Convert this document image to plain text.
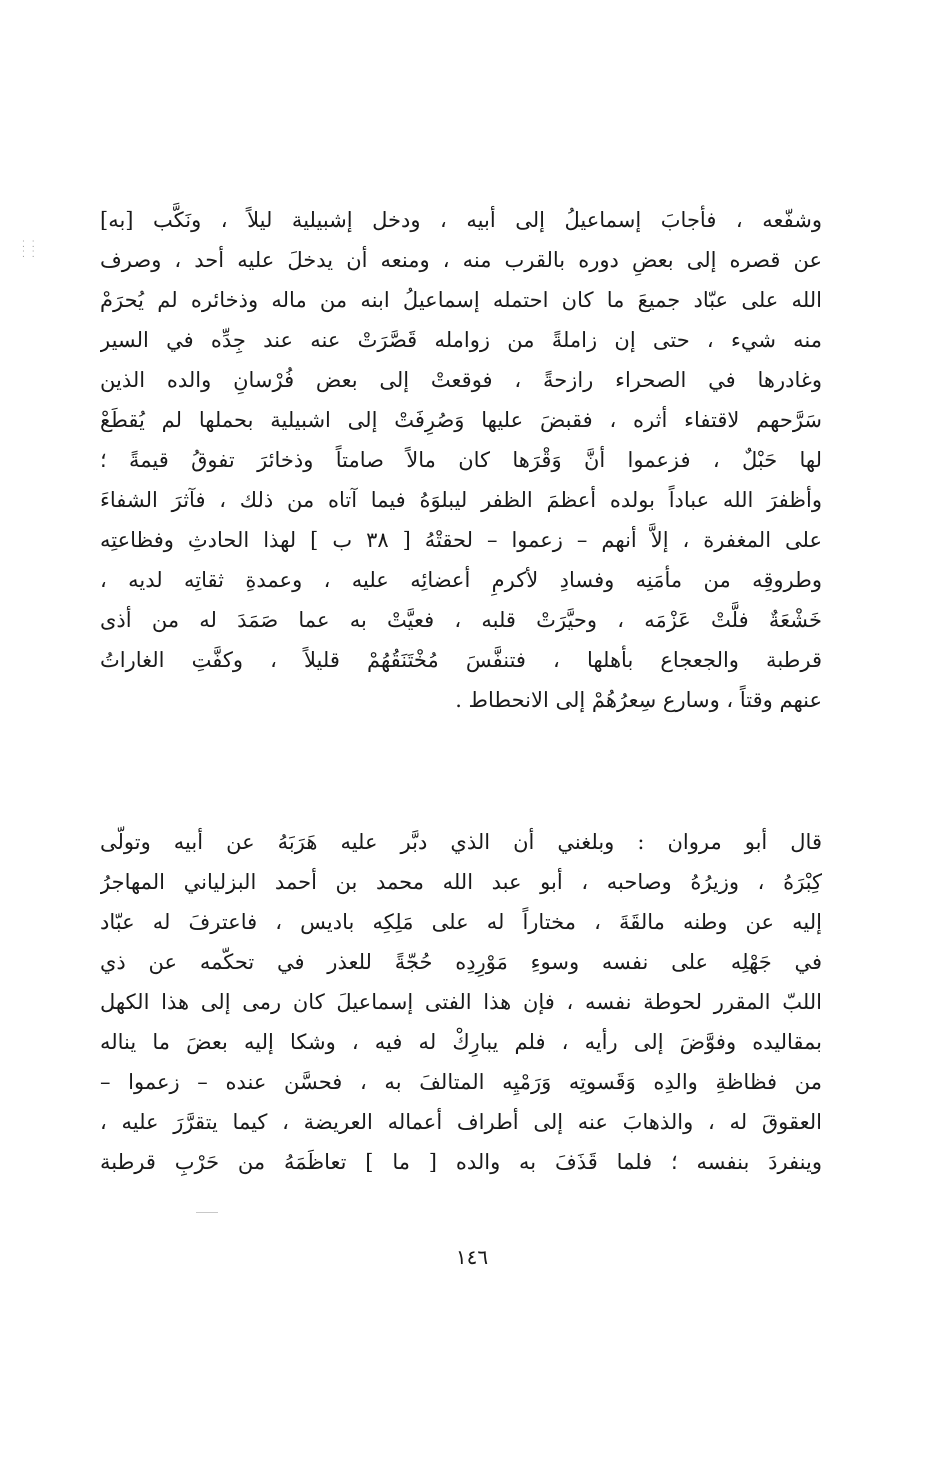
⁚ ⁚
⁚ ⁚
وشفّعه ، فأجابَ إسماعيلُ إلى أبيه ، ودخل إشبيلية ليلاً ، ونَكَّب [به]
عن قصره إلى بعضِ دوره بالقرب منه ، ومنعه أن يدخلَ عليه أحد ، وصرف
الله على عبّاد جميعَ ما كان احتمله إسماعيلُ ابنه من ماله وذخائره لم يُحرَمْ
منه شيء ، حتى إن زاملةً من زوامله قَصَّرَتْ عنه عند جِدِّه في السير
وغادرها في الصحراء رازحةً ، فوقعتْ إلى بعض فُرْسانِ والده الذين
سَرَّحهم لاقتفاء أثره ، فقبضَ عليها وَصُرِفَتْ إلى اشبيلية بحملها لم يُقطَعْ
لها حَبْلٌ ، فزعموا أنَّ وَقْرَها كان مالاً صامتاً وذخائرَ تفوقُ قيمةً ؛
وأظفرَ الله عباداً بولده أعظمَ الظفر ليبلوَهُ فيما آتاه من ذلك ، فآثرَ الشفاءَ
على المغفرة ، إلاَّ أنهم – زعموا – لحقتْهُ [ ٣٨ ب ] لهذا الحادثِ وفظاعتِه
وطروقِه من مأمَنِه وفسادِ لأكرمِ أعضائِه عليه ، وعمدةِ ثقاتِه لديه ،
خَشْعَةٌ فلَّتْ عَزْمَه ، وحيَّرَتْ قلبه ، فعيَّتْ به عما صَمَدَ له من أذى
قرطبة والجعجاع بأهلها ، فتنفَّسَ مُخْتَنَقُهُمْ قليلاً ، وكفَّتِ الغاراتُ
عنهم وقتاً ، وسارع سِعرُهُمْ إلى الانحطاط .
قال أبو مروان : وبلغني أن الذي دبَّر عليه هَرَبَهُ عن أبيه وتولّى
كِبْرَهُ ، وزيرُهُ وصاحبه ، أبو عبد الله محمد بن أحمد البزلياني المهاجرُ
إليه عن وطنه مالقَةَ ، مختاراً له على مَلِكِه باديس ، فاعترفَ له عبّاد
في جَهْلِه على نفسه وسوءِ مَوْرِدِه حُجّةً للعذر في تحكّمه عن ذي
اللبّ المقرر لحوطة نفسه ، فإن هذا الفتى إسماعيلَ كان رمى إلى هذا الكهل
بمقاليده وفوَّضَ إلى رأيه ، فلم يبارِكْ له فيه ، وشكا إليه بعضَ ما يناله
من فظاظةِ والدِه وَقَسوتِه وَرَمْيِه المتالفَ به ، فحسَّن عنده – زعموا –
العقوقَ له ، والذهابَ عنه إلى أطراف أعماله العريضة ، كيما يتقرَّرَ عليه ،
وينفردَ بنفسه ؛ فلما قَذَفَ به والده [ ما ] تعاظَمَهُ من حَرْبِ قرطبة
١٤٦
